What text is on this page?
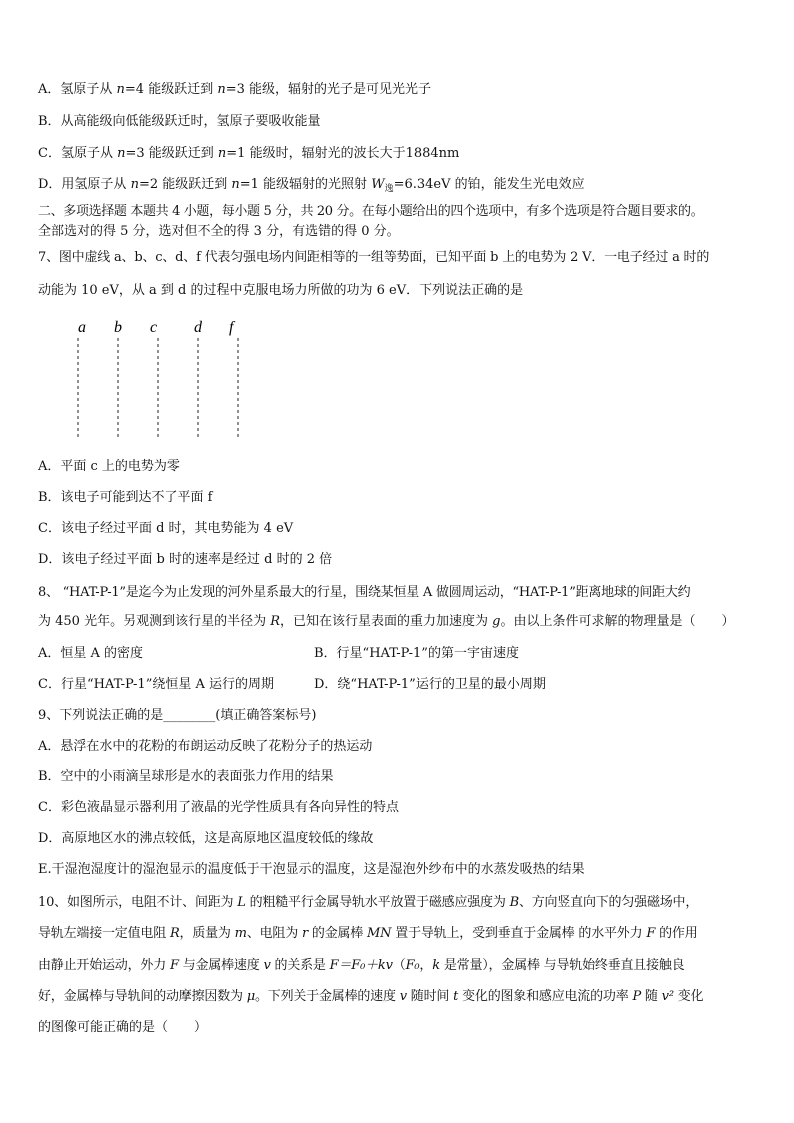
A．氢原子从 n=4 能级跃迁到 n=3 能级，辐射的光子是可见光光子
B．从高能级向低能级跃迁时，氢原子要吸收能量
C．氢原子从 n=3 能级跃迁到 n=1 能级时，辐射光的波长大于1884nm
D．用氢原子从 n=2 能级跃迁到 n=1 能级辐射的光照射 $W_逸=6.34eV$ 的铂，能发生光电效应
二、多项选择题 本题共 4 小题，每小题 5 分，共 20 分。在每小题给出的四个选项中，有多个选项是符合题目要求的。
全部选对的得 5 分，选对但不全的得 3 分，有选错的得 0 分。
7、图中虚线 a、b、c、d、f 代表匀强电场内间距相等的一组等势面，已知平面 b 上的电势为 2 V．一电子经过 a 时的
动能为 10 eV，从 a 到 d 的过程中克服电场力所做的功为 6 eV．下列说法正确的是
a b c d f
A．平面 c 上的电势为零
B．该电子可能到达不了平面 f
C．该电子经过平面 d 时，其电势能为 4 eV
D．该电子经过平面 b 时的速率是经过 d 时的 2 倍
8、 “HAT-P-1”是迄今为止发现的河外星系最大的行星，围绕某恒星 A 做圆周运动，“HAT-P-1”距离地球的间距大约
为 450 光年。另观测到该行星的半径为 R，已知在该行星表面的重力加速度为 g。由以上条件可求解的物理量是（　　）
A．恒星 A 的密度	B．行星“HAT-P-1”的第一宇宙速度
C．行星“HAT-P-1”绕恒星 A 运行的周期	D．绕“HAT-P-1”运行的卫星的最小周期
9、下列说法正确的是________(填正确答案标号)
A．悬浮在水中的花粉的布朗运动反映了花粉分子的热运动
B．空中的小雨滴呈球形是水的表面张力作用的结果
C．彩色液晶显示器利用了液晶的光学性质具有各向异性的特点
D．高原地区水的沸点较低，这是高原地区温度较低的缘故
E.干湿泡湿度计的湿泡显示的温度低于干泡显示的温度，这是湿泡外纱布中的水蒸发吸热的结果
10、如图所示，电阻不计、间距为 L 的粗糙平行金属导轨水平放置于磁感应强度为 B、方向竖直向下的匀强磁场中，
导轨左端接一定值电阻 R，质量为 m、电阻为 r 的金属棒 MN 置于导轨上，受到垂直于金属棒 的水平外力 F 的作用
由静止开始运动，外力 F 与金属棒速度 v 的关系是 F＝F₀＋kv（F₀，k 是常量），金属棒 与导轨始终垂直且接触良
好，金属棒与导轨间的动摩擦因数为 μ。下列关于金属棒的速度 v 随时间 t 变化的图象和感应电流的功率 P 随 v² 变化
的图像可能正确的是（　　）
